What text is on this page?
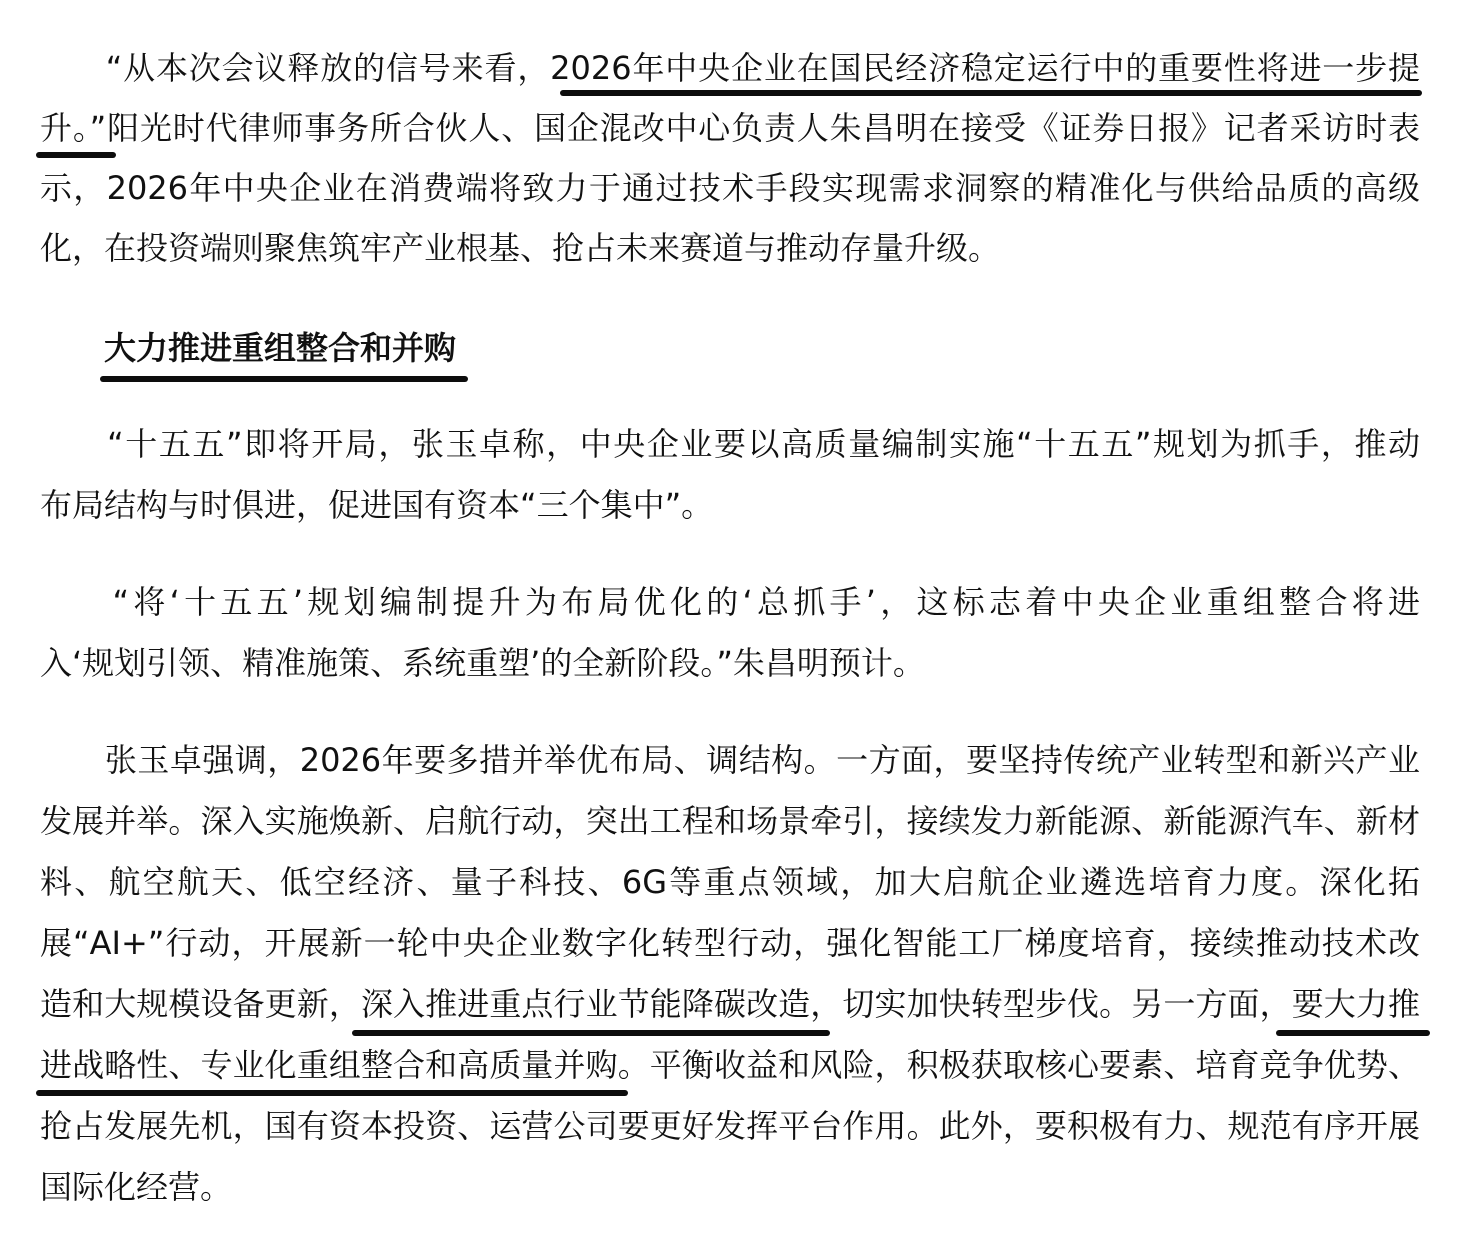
　　“从本次会议释放的信号来看，2026年中央企业在国民经济稳定运行中的重要性将进一步提
升。”阳光时代律师事务所合伙人、国企混改中心负责人朱昌明在接受《证券日报》记者采访时表
示，2026年中央企业在消费端将致力于通过技术手段实现需求洞察的精准化与供给品质的高级
化，在投资端则聚焦筑牢产业根基、抢占未来赛道与推动存量升级。
　　大力推进重组整合和并购
　　“十五五”即将开局，张玉卓称，中央企业要以高质量编制实施“十五五”规划为抓手，推动
布局结构与时俱进，促进国有资本“三个集中”。
　　“将‘十五五’规划编制提升为布局优化的‘总抓手’，这标志着中央企业重组整合将进
入‘规划引领、精准施策、系统重塑’的全新阶段。”朱昌明预计。
　　张玉卓强调，2026年要多措并举优布局、调结构。一方面，要坚持传统产业转型和新兴产业
发展并举。深入实施焕新、启航行动，突出工程和场景牵引，接续发力新能源、新能源汽车、新材
料、航空航天、低空经济、量子科技、6G等重点领域，加大启航企业遴选培育力度。深化拓
展“AI+”行动，开展新一轮中央企业数字化转型行动，强化智能工厂梯度培育，接续推动技术改
造和大规模设备更新，深入推进重点行业节能降碳改造，切实加快转型步伐。另一方面，要大力推
进战略性、专业化重组整合和高质量并购。平衡收益和风险，积极获取核心要素、培育竞争优势、
抢占发展先机，国有资本投资、运营公司要更好发挥平台作用。此外，要积极有力、规范有序开展
国际化经营。
